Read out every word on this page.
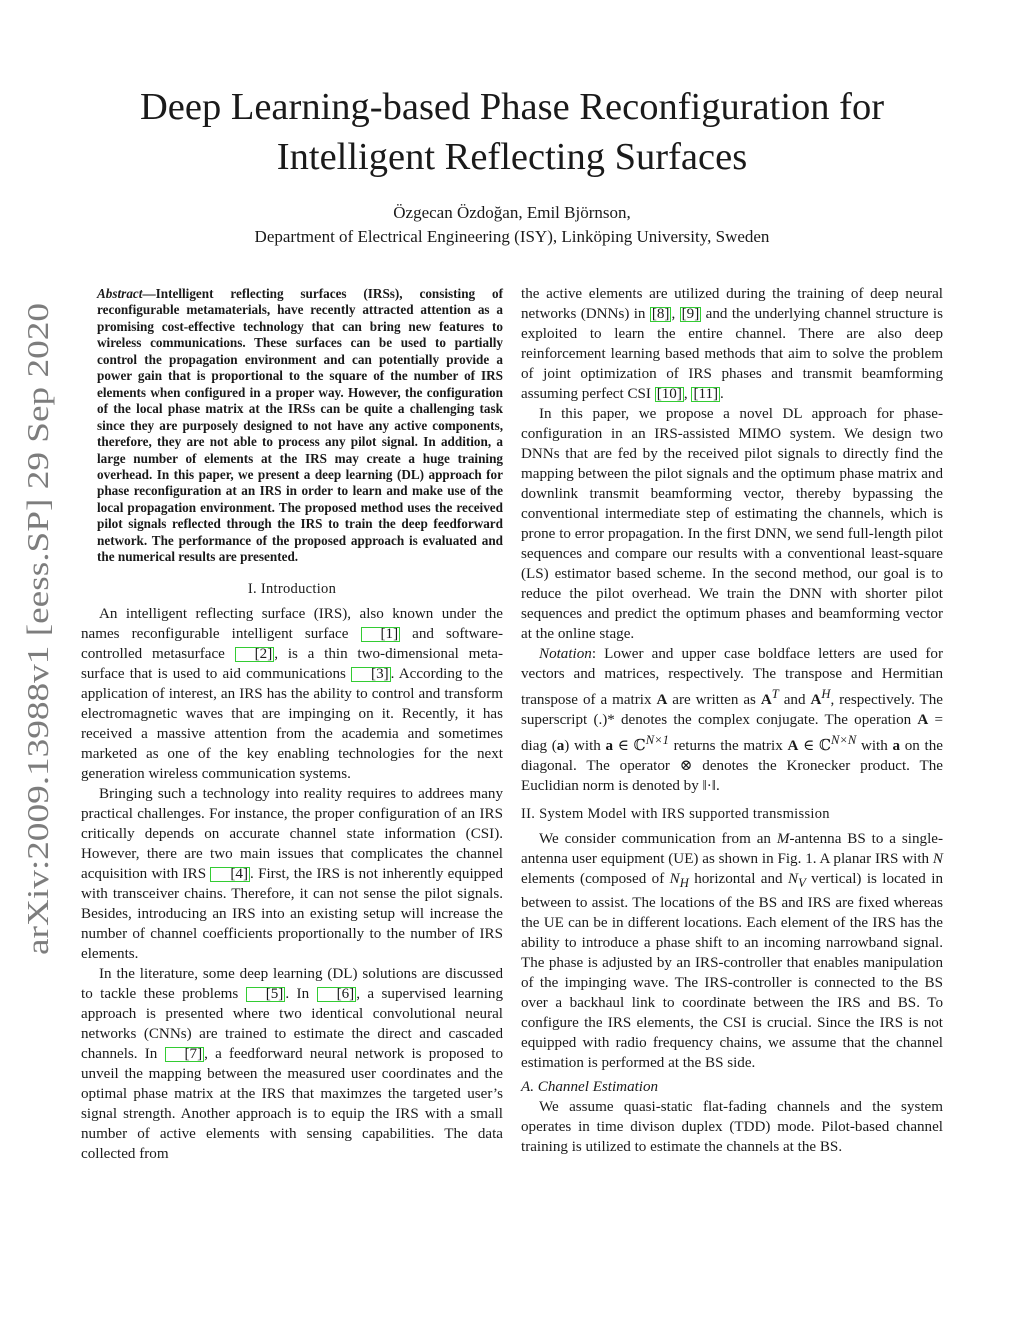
arXiv:2009.13988v1 [eess.SP] 29 Sep 2020
Deep Learning-based Phase Reconfiguration for
Intelligent Reflecting Surfaces
Özgecan Özdoğan, Emil Björnson,
Department of Electrical Engineering (ISY), Linköping University, Sweden

Abstract—Intelligent reflecting surfaces (IRSs), consisting of reconfigurable metamaterials, have recently attracted attention as a promising cost-effective technology that can bring new features to wireless communications. These surfaces can be used to partially control the propagation environment and can potentially provide a power gain that is proportional to the square of the number of IRS elements when configured in a proper way. However, the configuration of the local phase matrix at the IRSs can be quite a challenging task since they are purposely designed to not have any active components, therefore, they are not able to process any pilot signal. In addition, a large number of elements at the IRS may create a huge training overhead. In this paper, we present a deep learning (DL) approach for phase reconfiguration at an IRS in order to learn and make use of the local propagation environment. The proposed method uses the received pilot signals reflected through the IRS to train the deep feedforward network. The performance of the proposed approach is evaluated and the numerical results are presented.

I. Introduction

An intelligent reflecting surface (IRS), also known under the names reconfigurable intelligent surface [1] and software-controlled metasurface [2] , is a thin two-dimensional meta-surface that is used to aid communications [3] . According to the application of interest, an IRS has the ability to control and transform electromagnetic waves that are impinging on it. Recently, it has received a massive attention from the academia and sometimes marketed as one of the key enabling technologies for the next generation wireless communication systems.

Bringing such a technology into reality requires to addrees many practical challenges. For instance, the proper configuration of an IRS critically depends on accurate channel state information (CSI). However, there are two main issues that complicates the channel acquisition with IRS [4] . First, the IRS is not inherently equipped with transceiver chains. Therefore, it can not sense the pilot signals. Besides, introducing an IRS into an existing setup will increase the number of channel coefficients proportionally to the number of IRS elements.

In the literature, some deep learning (DL) solutions are discussed to tackle these problems [5] . In [6] , a supervised learning approach is presented where two identical convolutional neural networks (CNNs) are trained to estimate the direct and cascaded channels. In [7] , a feedforward neural network is proposed to unveil the mapping between the measured user coordinates and the optimal phase matrix at the IRS that maximzes the targeted user’s signal strength. Another approach is to equip the IRS with a small number of active elements with sensing capabilities. The data collected from

the active elements are utilized during the training of deep neural networks (DNNs) in [8] , [9] and the underlying channel structure is exploited to learn the entire channel. There are also deep reinforcement learning based methods that aim to solve the problem of joint optimization of IRS phases and transmit beamforming assuming perfect CSI [10] , [11] .

In this paper, we propose a novel DL approach for phase-configuration in an IRS-assisted MIMO system. We design two DNNs that are fed by the received pilot signals to directly find the mapping between the pilot signals and the optimum phase matrix and downlink transmit beamforming vector, thereby bypassing the conventional intermediate step of estimating the channels, which is prone to error propagation. In the first DNN, we send full-length pilot sequences and compare our results with a conventional least-square (LS) estimator based scheme. In the second method, our goal is to reduce the pilot overhead. We train the DNN with shorter pilot sequences and predict the optimum phases and beamforming vector at the online stage.

Notation: Lower and upper case boldface letters are used for vectors and matrices, respectively. The transpose and Hermitian transpose of a matrix A are written as $A^T$ and $A^H$, respectively. The superscript (.)* denotes the complex conjugate. The operation A = diag (a) with a ∈ ℂ$^{N\times 1}$ returns the matrix A ∈ ℂ$^{N\times N}$ with a on the diagonal. The operator ⊗ denotes the Kronecker product. The Euclidian norm is denoted by ‖·‖.

II. System Model with IRS supported transmission

We consider communication from an M-antenna BS to a single-antenna user equipment (UE) as shown in Fig. 1. A planar IRS with N elements (composed of $N_H$ horizontal and $N_V$ vertical) is located in between to assist. The locations of the BS and IRS are fixed whereas the UE can be in different locations. Each element of the IRS has the ability to introduce a phase shift to an incoming narrowband signal. The phase is adjusted by an IRS-controller that enables manipulation of the impinging wave. The IRS-controller is connected to the BS over a backhaul link to coordinate between the IRS and BS. To configure the IRS elements, the CSI is crucial. Since the IRS is not equipped with radio frequency chains, we assume that the channel estimation is performed at the BS side.

A. Channel Estimation

We assume quasi-static flat-fading channels and the system operates in time divison duplex (TDD) mode. Pilot-based channel training is utilized to estimate the channels at the BS.
